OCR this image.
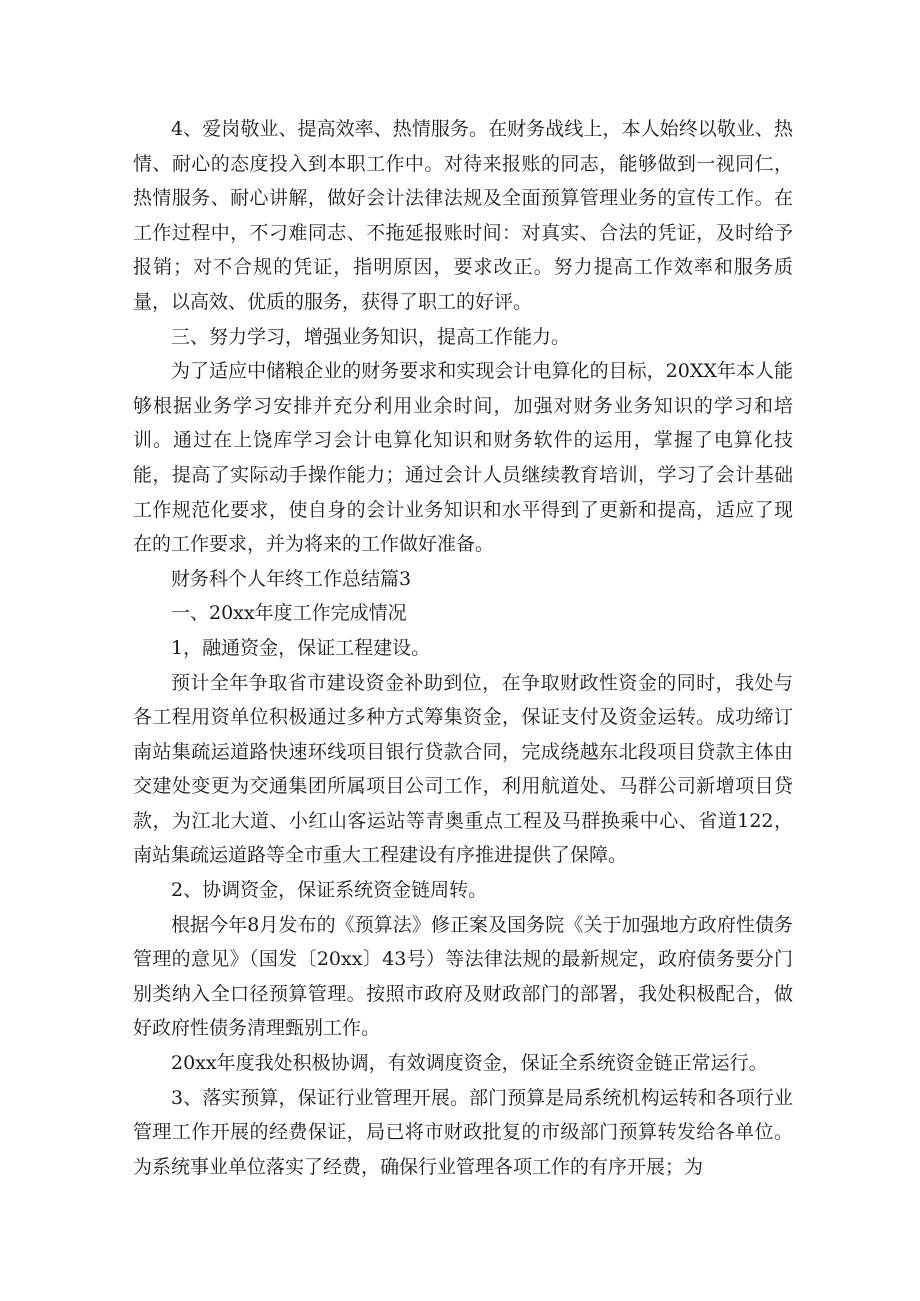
4、爱岗敬业、提高效率、热情服务。在财务战线上，本人始终以敬业、热情、耐心的态度投入到本职工作中。对待来报账的同志，能够做到一视同仁，热情服务、耐心讲解，做好会计法律法规及全面预算管理业务的宣传工作。在工作过程中，不刁难同志、不拖延报账时间：对真实、合法的凭证，及时给予报销；对不合规的凭证，指明原因，要求改正。努力提高工作效率和服务质量，以高效、优质的服务，获得了职工的好评。

三、努力学习，增强业务知识，提高工作能力。

为了适应中储粮企业的财务要求和实现会计电算化的目标，20XX年本人能够根据业务学习安排并充分利用业余时间，加强对财务业务知识的学习和培训。通过在上饶库学习会计电算化知识和财务软件的运用，掌握了电算化技能，提高了实际动手操作能力；通过会计人员继续教育培训，学习了会计基础工作规范化要求，使自身的会计业务知识和水平得到了更新和提高，适应了现在的工作要求，并为将来的工作做好准备。

财务科个人年终工作总结篇3

一、20xx年度工作完成情况

1，融通资金，保证工程建设。

预计全年争取省市建设资金补助到位，在争取财政性资金的同时，我处与各工程用资单位积极通过多种方式筹集资金，保证支付及资金运转。成功缔订南站集疏运道路快速环线项目银行贷款合同，完成绕越东北段项目贷款主体由交建处变更为交通集团所属项目公司工作，利用航道处、马群公司新增项目贷款，为江北大道、小红山客运站等青奥重点工程及马群换乘中心、省道122，南站集疏运道路等全市重大工程建设有序推进提供了保障。

2、协调资金，保证系统资金链周转。

根据今年8月发布的《预算法》修正案及国务院《关于加强地方政府性债务管理的意见》（国发〔20xx〕43号）等法律法规的最新规定，政府债务要分门别类纳入全口径预算管理。按照市政府及财政部门的部署，我处积极配合，做好政府性债务清理甄别工作。

20xx年度我处积极协调，有效调度资金，保证全系统资金链正常运行。

3、落实预算，保证行业管理开展。部门预算是局系统机构运转和各项行业管理工作开展的经费保证，局已将市财政批复的市级部门预算转发给各单位。为系统事业单位落实了经费，确保行业管理各项工作的有序开展；为
